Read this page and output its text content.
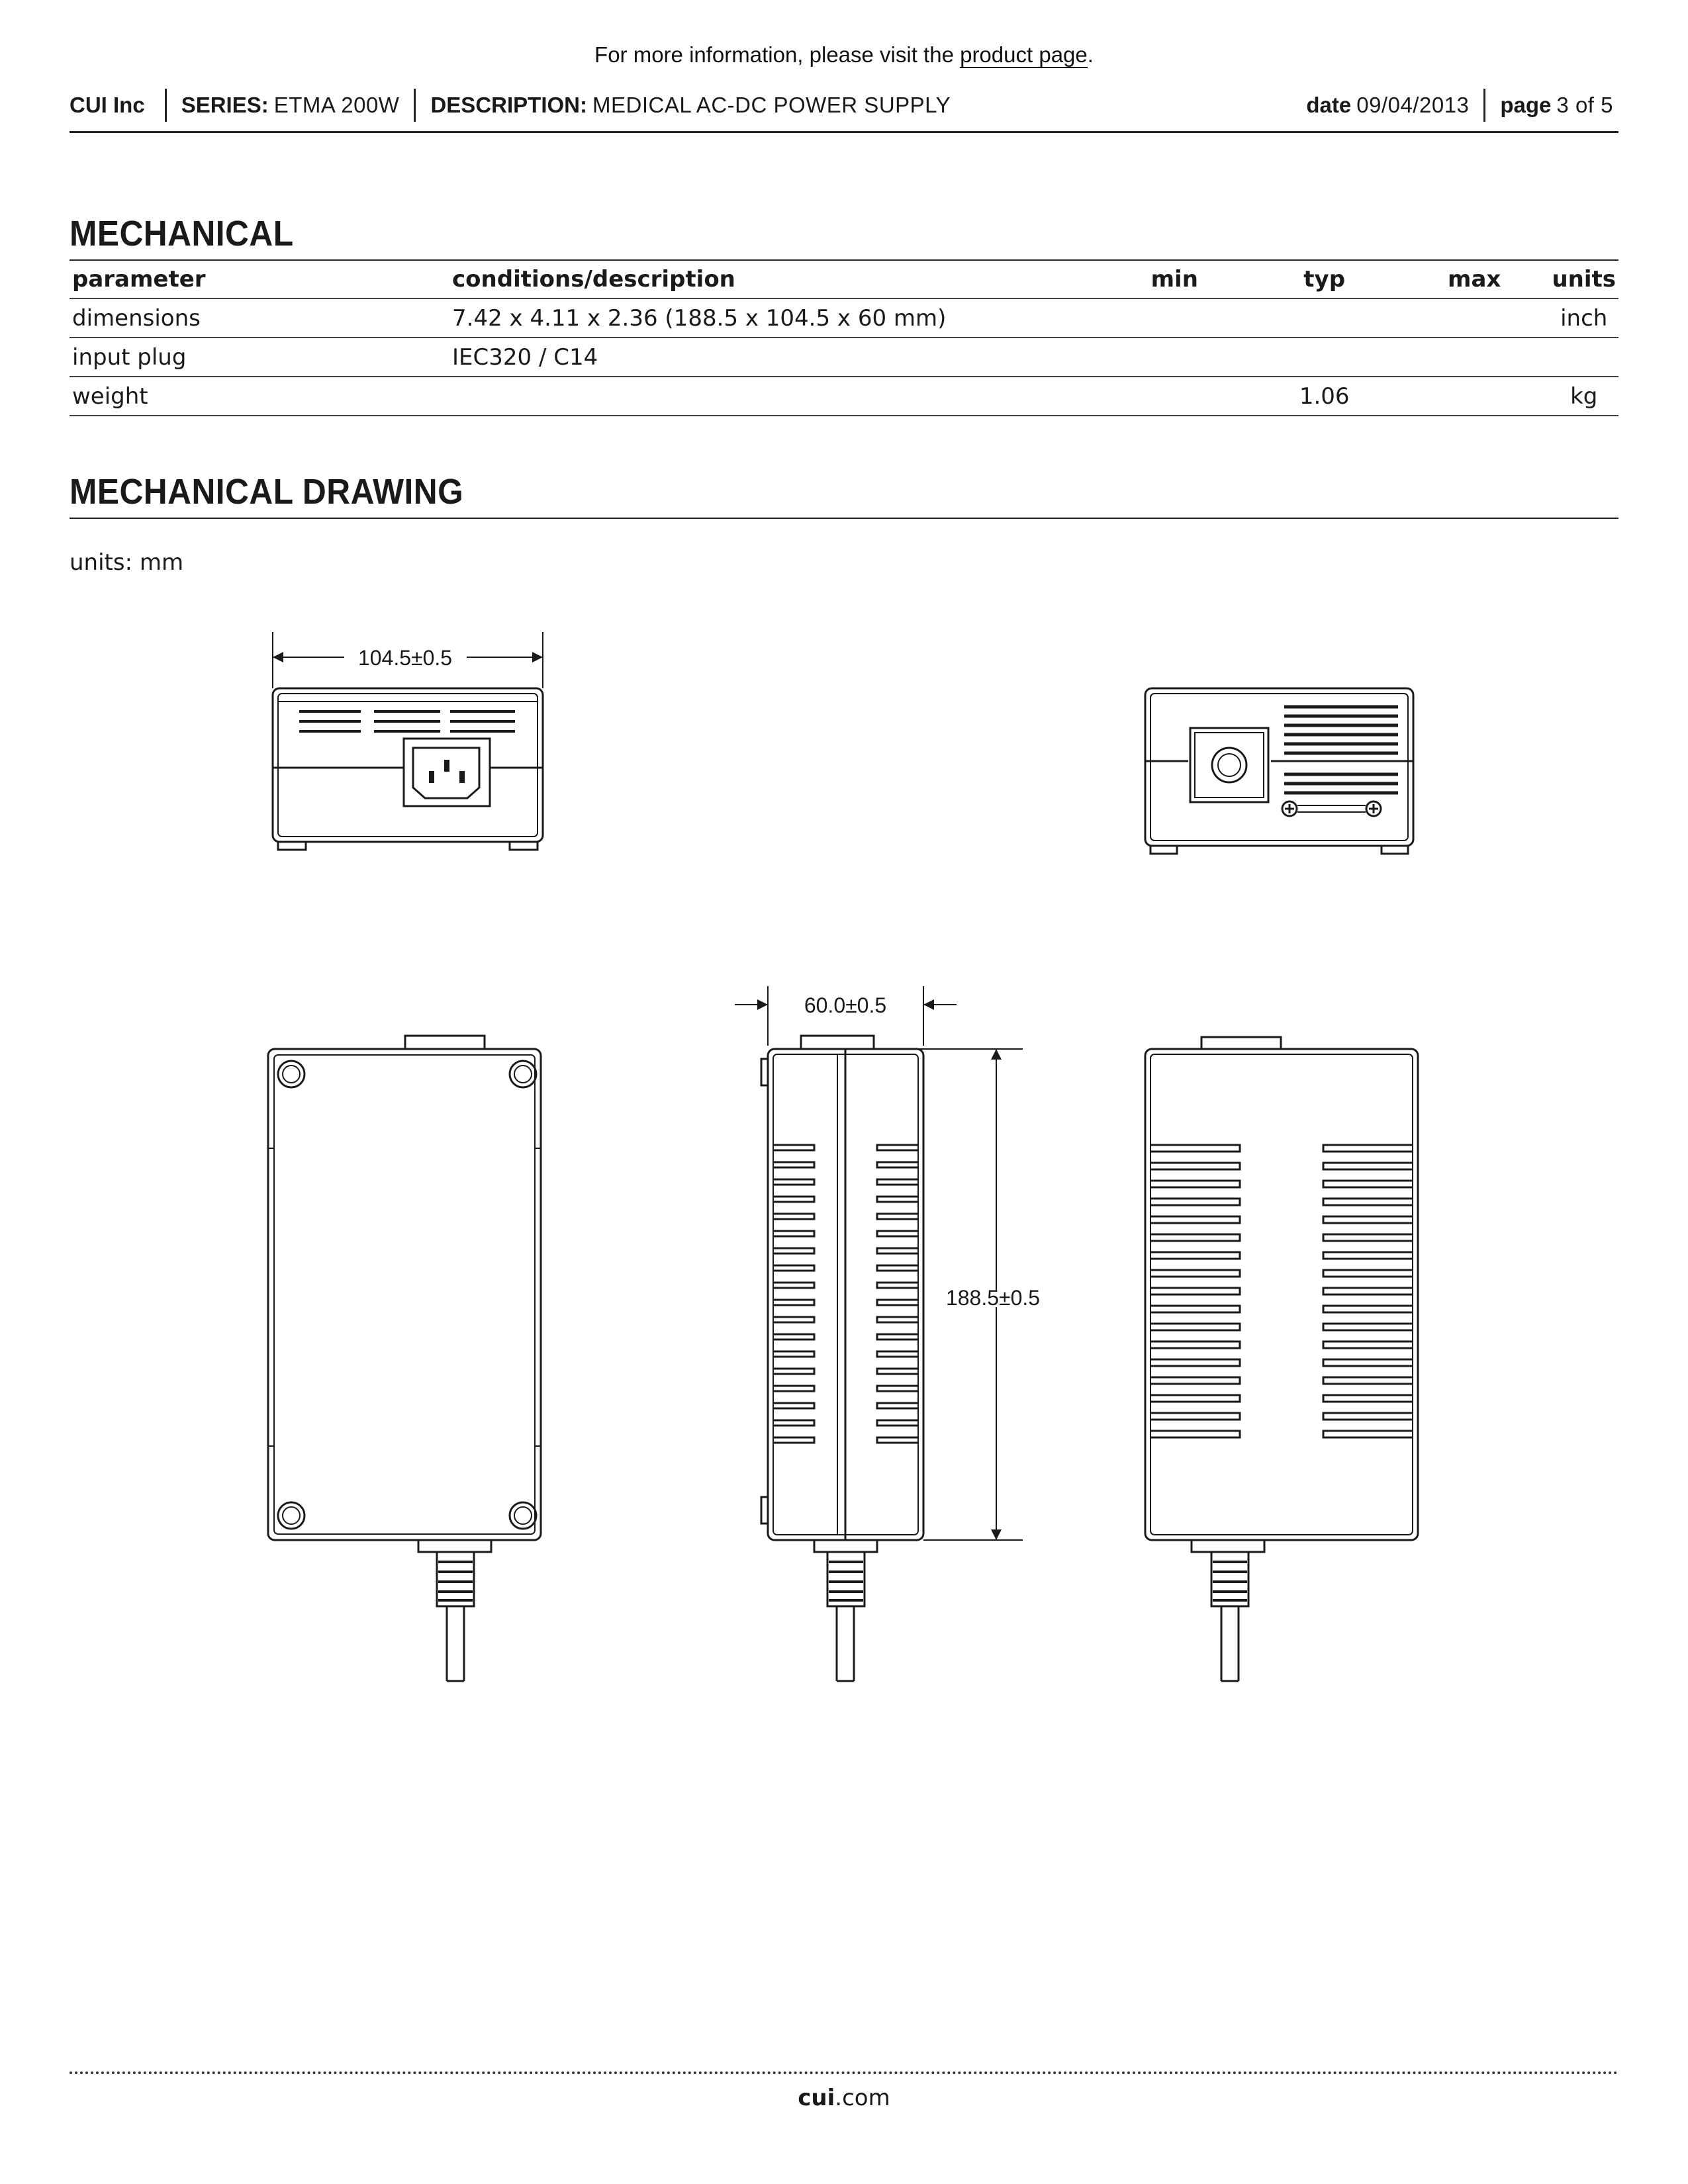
For more information, please visit the product page.
CUI Inc SERIES: ETMA 200W DESCRIPTION: MEDICAL AC-DC POWER SUPPLY	date 09/04/2013 page 3 of 5
MECHANICAL
parameter	conditions/description	min	typ	max	units
dimensions	7.42 x 4.11 x 2.36 (188.5 x 104.5 x 60 mm)				inch
input plug	IEC320 / C14				
weight			1.06		kg
MECHANICAL DRAWING
units: mm
104.5±0.5
60.0±0.5
188.5±0.5
cui.com
